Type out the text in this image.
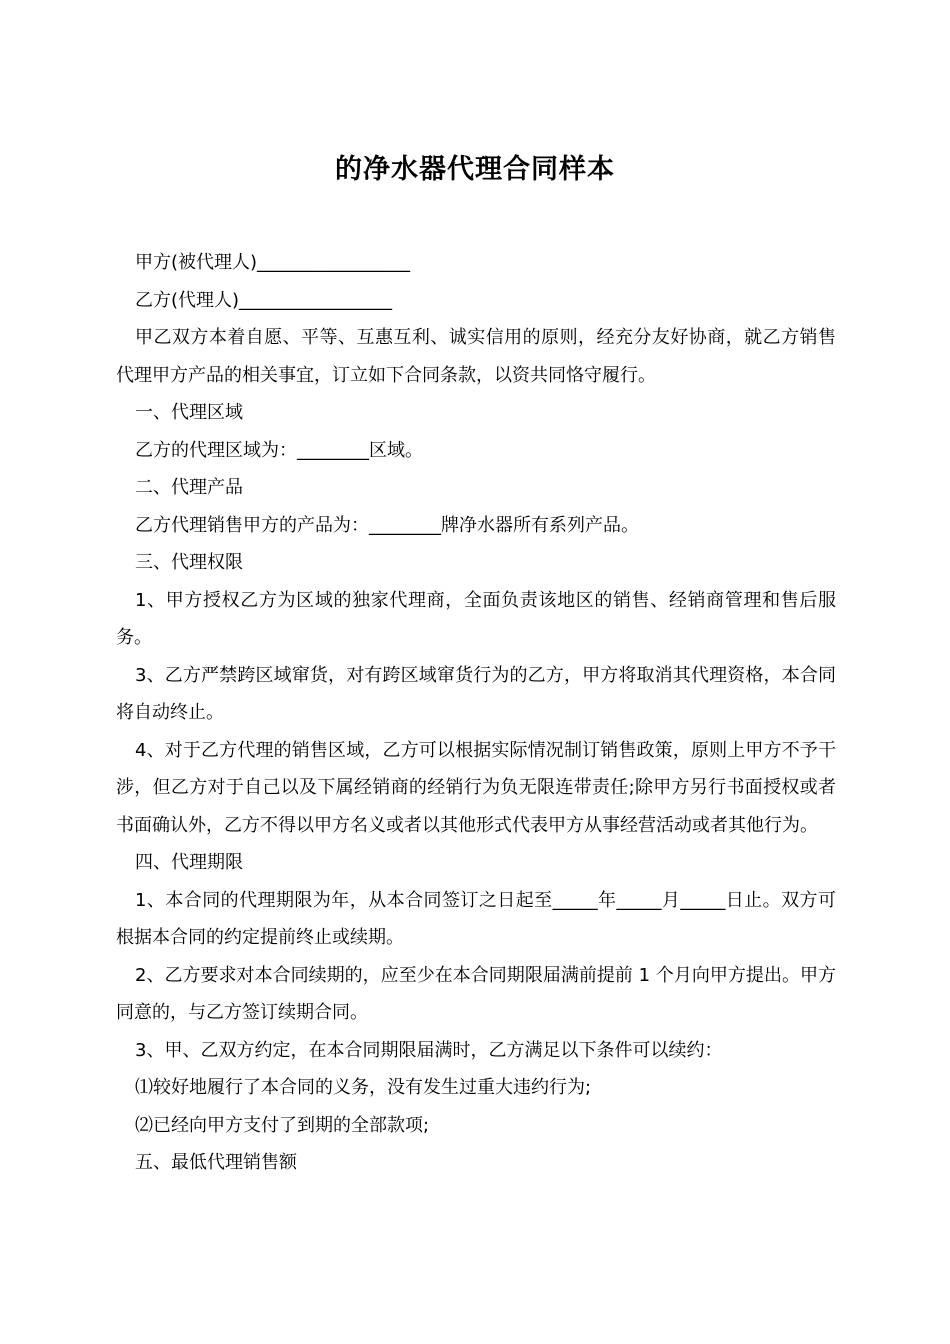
的净水器代理合同样本

甲方(被代理人)_________________

乙方(代理人)_________________

甲乙双方本着自愿、平等、互惠互利、诚实信用的原则，经充分友好协商，就乙方销售代理甲方产品的相关事宜，订立如下合同条款，以资共同恪守履行。

一、代理区域

乙方的代理区域为：________区域。

二、代理产品

乙方代理销售甲方的产品为：________牌净水器所有系列产品。

三、代理权限

1、甲方授权乙方为区域的独家代理商，全面负责该地区的销售、经销商管理和售后服务。

3、乙方严禁跨区域窜货，对有跨区域窜货行为的乙方，甲方将取消其代理资格，本合同将自动终止。

4、对于乙方代理的销售区域，乙方可以根据实际情况制订销售政策，原则上甲方不予干涉，但乙方对于自己以及下属经销商的经销行为负无限连带责任;除甲方另行书面授权或者书面确认外，乙方不得以甲方名义或者以其他形式代表甲方从事经营活动或者其他行为。

四、代理期限

1、本合同的代理期限为年，从本合同签订之日起至_____年_____月_____日止。双方可根据本合同的约定提前终止或续期。

2、乙方要求对本合同续期的，应至少在本合同期限届满前提前 1 个月向甲方提出。甲方同意的，与乙方签订续期合同。

3、甲、乙双方约定，在本合同期限届满时，乙方满足以下条件可以续约：

⑴较好地履行了本合同的义务，没有发生过重大违约行为;

⑵已经向甲方支付了到期的全部款项;

五、最低代理销售额
